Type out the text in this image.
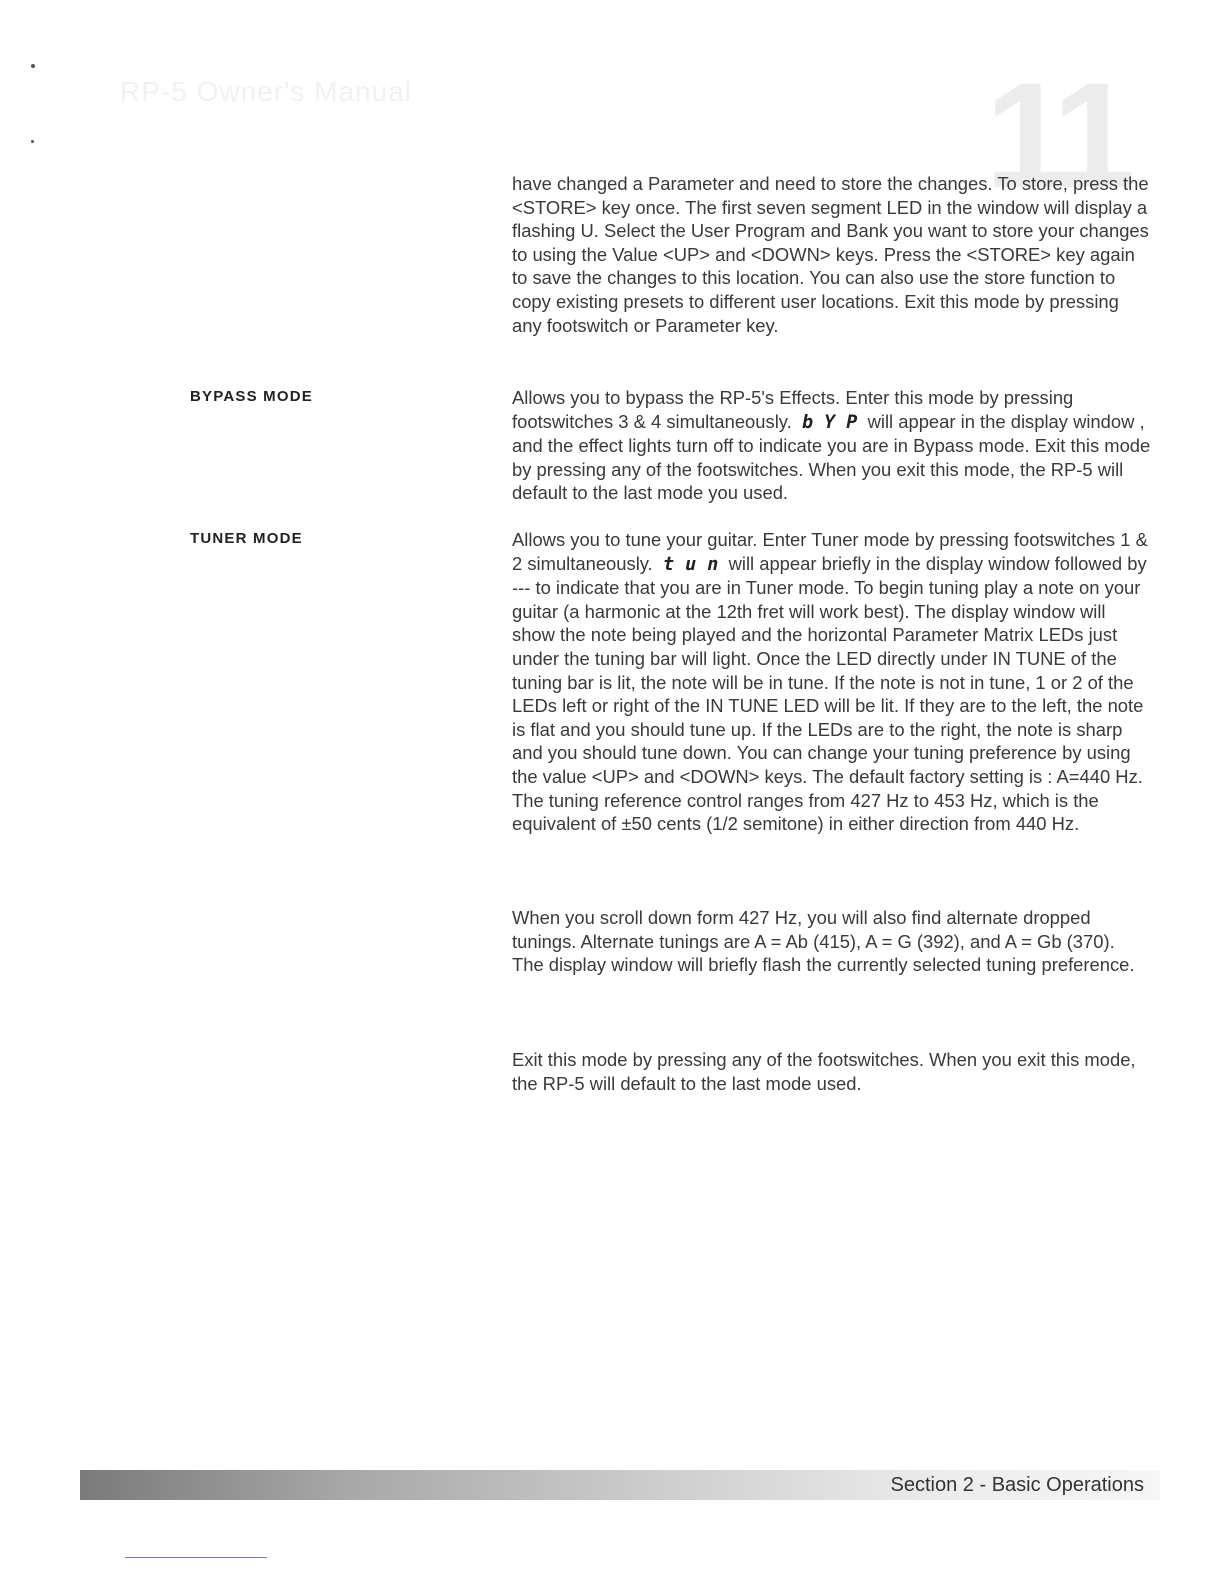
RP-5 Owner's Manual	11

have changed a Parameter and need to store the changes. To store, press the <STORE> key once. The first seven segment LED in the window will display a flashing U. Select the User Program and Bank you want to store your changes to using the Value <UP> and <DOWN> keys. Press the <STORE> key again to save the changes to this location. You can also use the store function to copy existing presets to different user locations. Exit this mode by pressing any footswitch or Parameter key.

BYPASS MODE	Allows you to bypass the RP-5's Effects. Enter this mode by pressing footswitches 3 & 4 simultaneously. b Y P will appear in the display window , and the effect lights turn off to indicate you are in Bypass mode. Exit this mode by pressing any of the footswitches. When you exit this mode, the RP-5 will default to the last mode you used.

TUNER MODE	Allows you to tune your guitar. Enter Tuner mode by pressing footswitches 1 & 2 simultaneously. t u n will appear briefly in the display window followed by --- to indicate that you are in Tuner mode. To begin tuning play a note on your guitar (a harmonic at the 12th fret will work best). The display window will show the note being played and the horizontal Parameter Matrix LEDs just under the tuning bar will light. Once the LED directly under IN TUNE of the tuning bar is lit, the note will be in tune. If the note is not in tune, 1 or 2 of the LEDs left or right of the IN TUNE LED will be lit. If they are to the left, the note is flat and you should tune up. If the LEDs are to the right, the note is sharp and you should tune down. You can change your tuning preference by using the value <UP> and <DOWN> keys. The default factory setting is : A=440 Hz. The tuning reference control ranges from 427 Hz to 453 Hz, which is the equivalent of ±50 cents (1/2 semitone) in either direction from 440 Hz.

When you scroll down form 427 Hz, you will also find alternate dropped tunings. Alternate tunings are A = Ab (415), A = G (392), and A = Gb (370).

The display window will briefly flash the currently selected tuning preference.

Exit this mode by pressing any of the footswitches. When you exit this mode, the RP-5 will default to the last mode used.

Section 2 - Basic Operations
